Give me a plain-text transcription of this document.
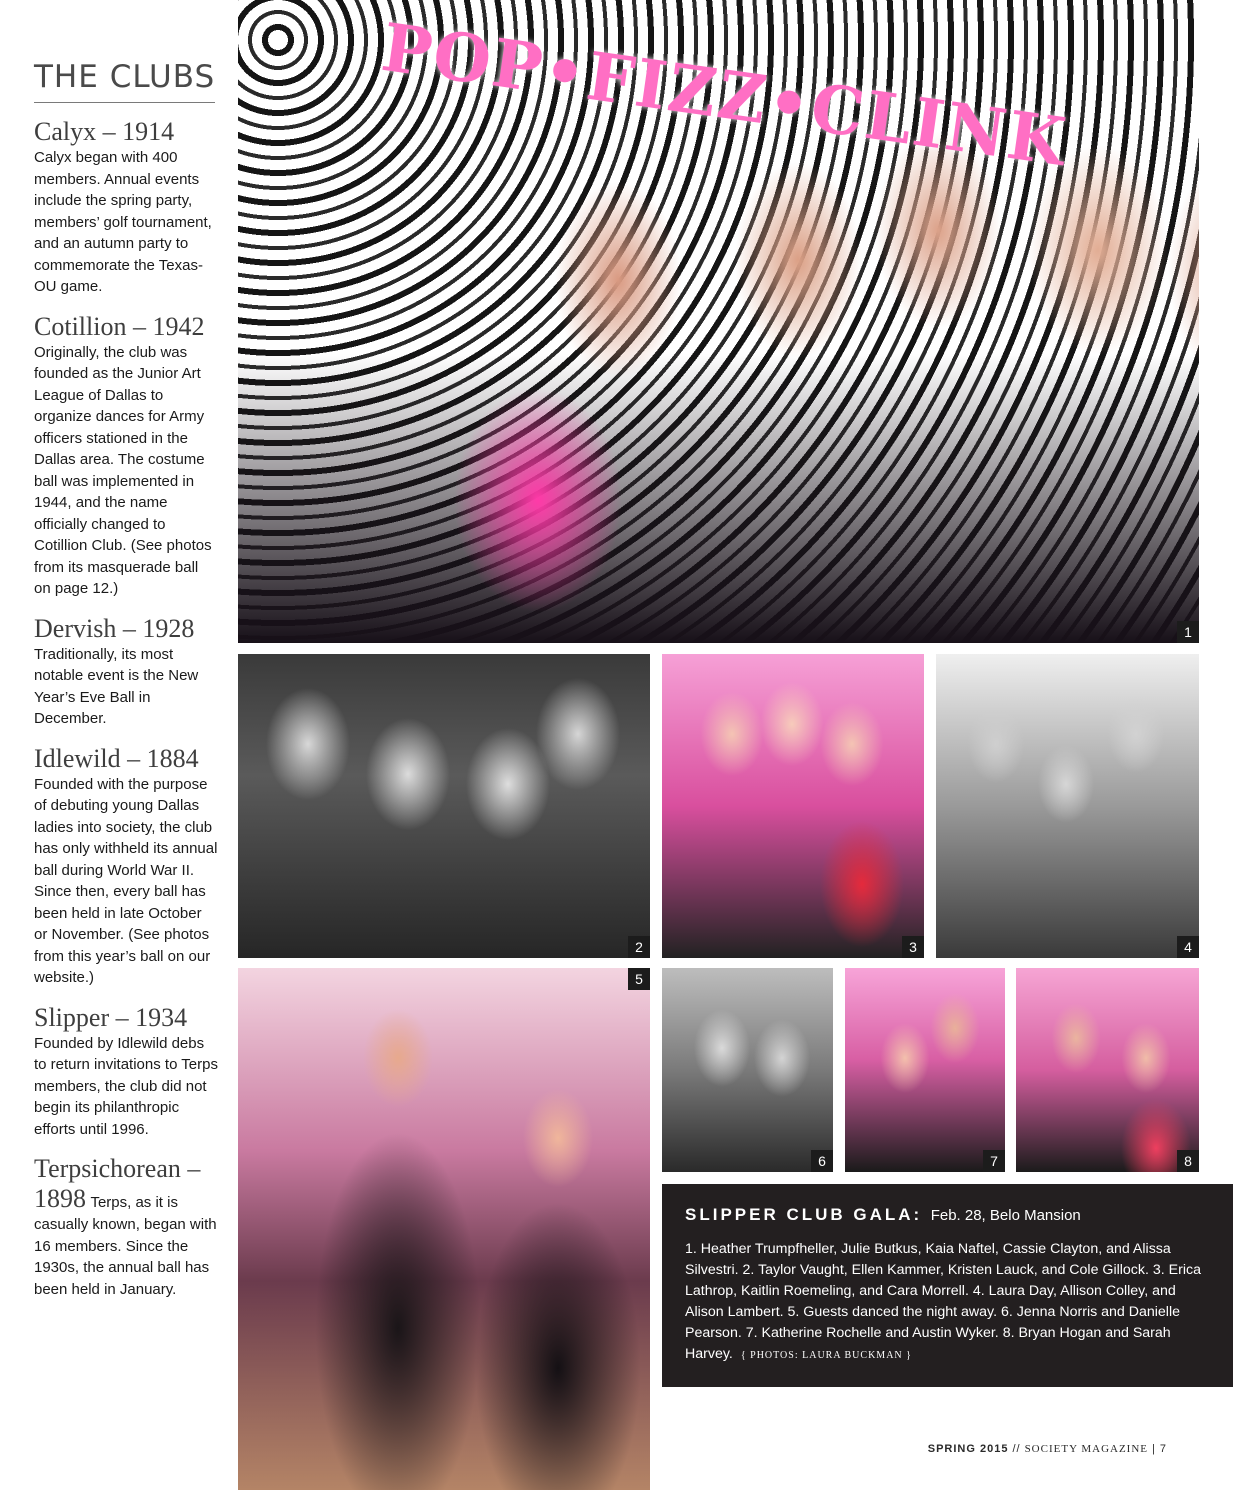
THE CLUBS
Calyx – 1914
Calyx began with 400 members. Annual events include the spring party, members’ golf tournament, and an autumn party to commemorate the Texas-OU game.
Cotillion – 1942
Originally, the club was founded as the Junior Art League of Dallas to organize dances for Army officers stationed in the Dallas area. The costume ball was implemented in 1944, and the name officially changed to Cotillion Club. (See photos from its masquerade ball on page 12.)
Dervish – 1928
Traditionally, its most notable event is the New Year’s Eve Ball in December.
Idlewild – 1884
Founded with the purpose of debuting young Dallas ladies into society, the club has only withheld its annual ball during World War II. Since then, every ball has been held in late October or November. (See photos from this year’s ball on our website.)
Slipper – 1934
Founded by Idlewild debs to return invitations to Terps members, the club did not begin its philanthropic efforts until 1996.
Terpsichorean – 1898 Terps, as it is casually known, began with 16 members. Since the 1930s, the annual ball has been held in January.
POP•FIZZ•CLINK
1
2	3	4
5
6	7	8
SLIPPER CLUB GALA: Feb. 28, Belo Mansion
1. Heather Trumpfheller, Julie Butkus, Kaia Naftel, Cassie Clayton, and Alissa Silvestri. 2. Taylor Vaught, Ellen Kammer, Kristen Lauck, and Cole Gillock. 3. Erica Lathrop, Kaitlin Roemeling, and Cara Morrell. 4. Laura Day, Allison Colley, and Alison Lambert. 5. Guests danced the night away. 6. Jenna Norris and Danielle Pearson. 7. Katherine Rochelle and Austin Wyker. 8. Bryan Hogan and Sarah Harvey. { PHOTOS: LAURA BUCKMAN }
SPRING 2015 // SOCIETY MAGAZINE | 7
